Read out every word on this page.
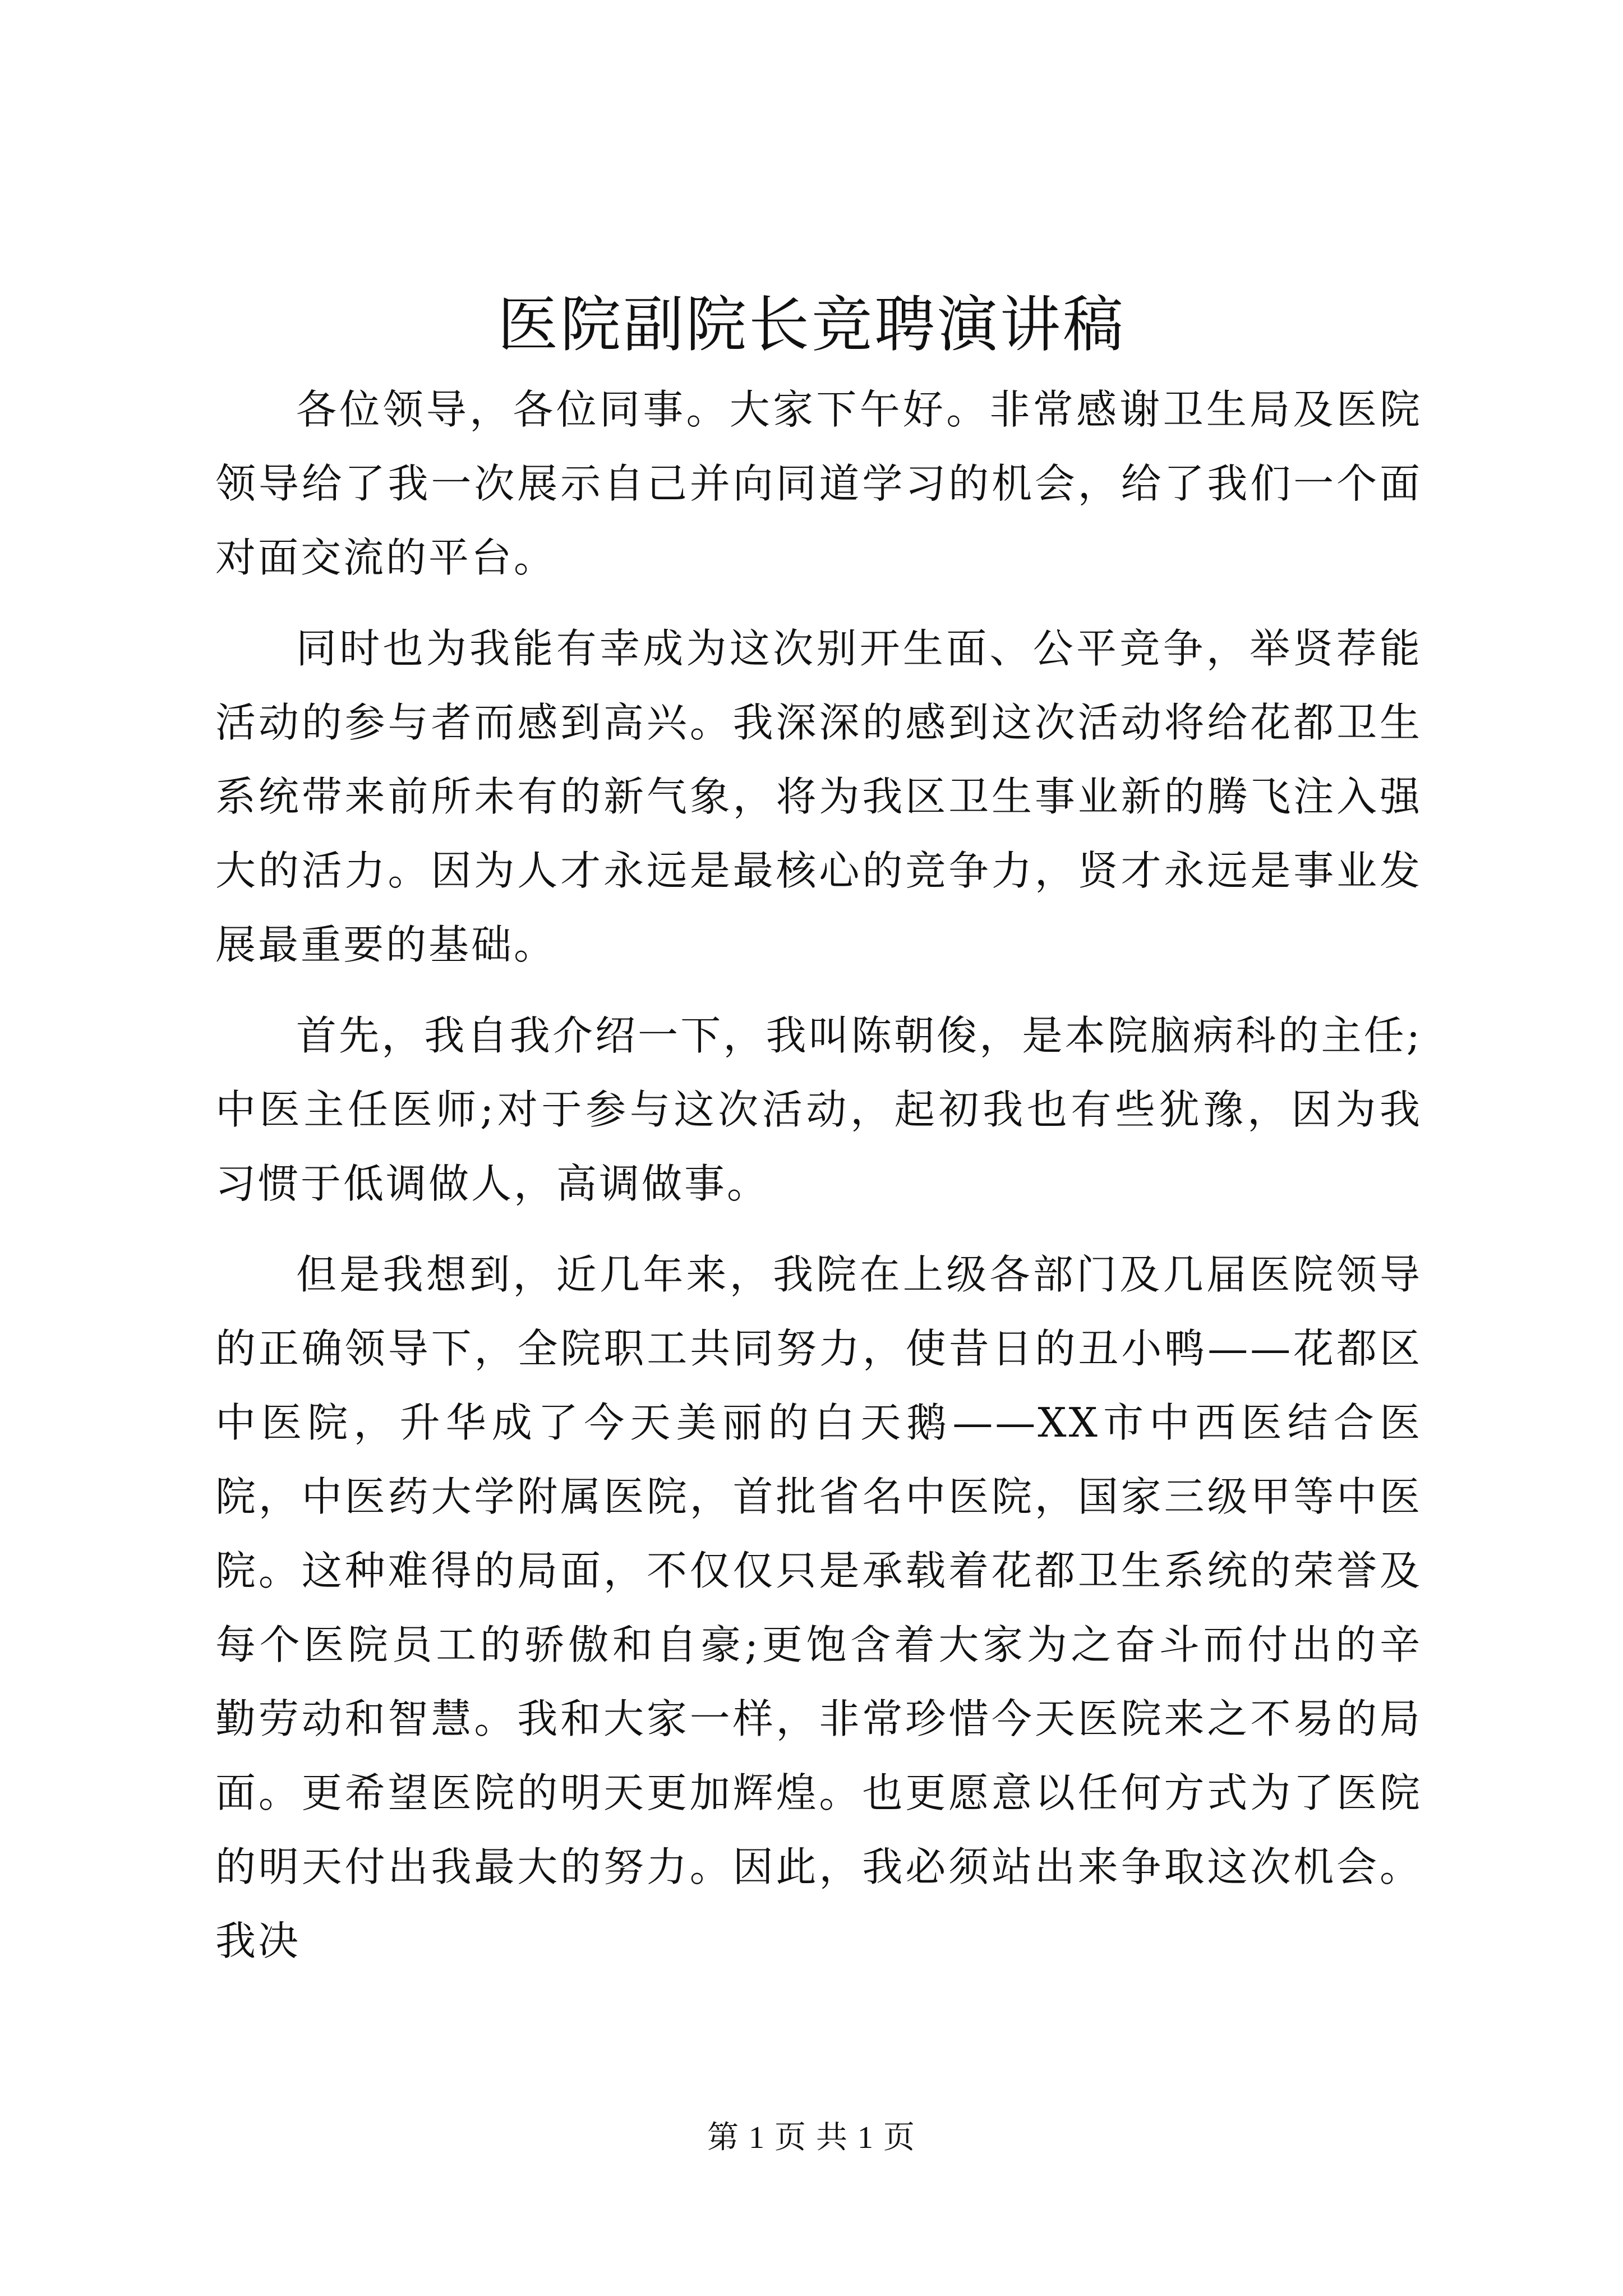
医院副院长竞聘演讲稿

各位领导，各位同事。大家下午好。非常感谢卫生局及医院领导给了我一次展示自己并向同道学习的机会，给了我们一个面对面交流的平台。

同时也为我能有幸成为这次别开生面、公平竞争，举贤荐能活动的参与者而感到高兴。我深深的感到这次活动将给花都卫生系统带来前所未有的新气象，将为我区卫生事业新的腾飞注入强大的活力。因为人才永远是最核心的竞争力，贤才永远是事业发展最重要的基础。

首先，我自我介绍一下，我叫陈朝俊，是本院脑病科的主任;中医主任医师;对于参与这次活动，起初我也有些犹豫，因为我习惯于低调做人，高调做事。

但是我想到，近几年来，我院在上级各部门及几届医院领导的正确领导下，全院职工共同努力，使昔日的丑小鸭——花都区中医院，升华成了今天美丽的白天鹅——XX市中西医结合医院，中医药大学附属医院，首批省名中医院，国家三级甲等中医院。这种难得的局面，不仅仅只是承载着花都卫生系统的荣誉及每个医院员工的骄傲和自豪;更饱含着大家为之奋斗而付出的辛勤劳动和智慧。我和大家一样，非常珍惜今天医院来之不易的局面。更希望医院的明天更加辉煌。也更愿意以任何方式为了医院的明天付出我最大的努力。因此，我必须站出来争取这次机会。我决

第 1 页 共 1 页
